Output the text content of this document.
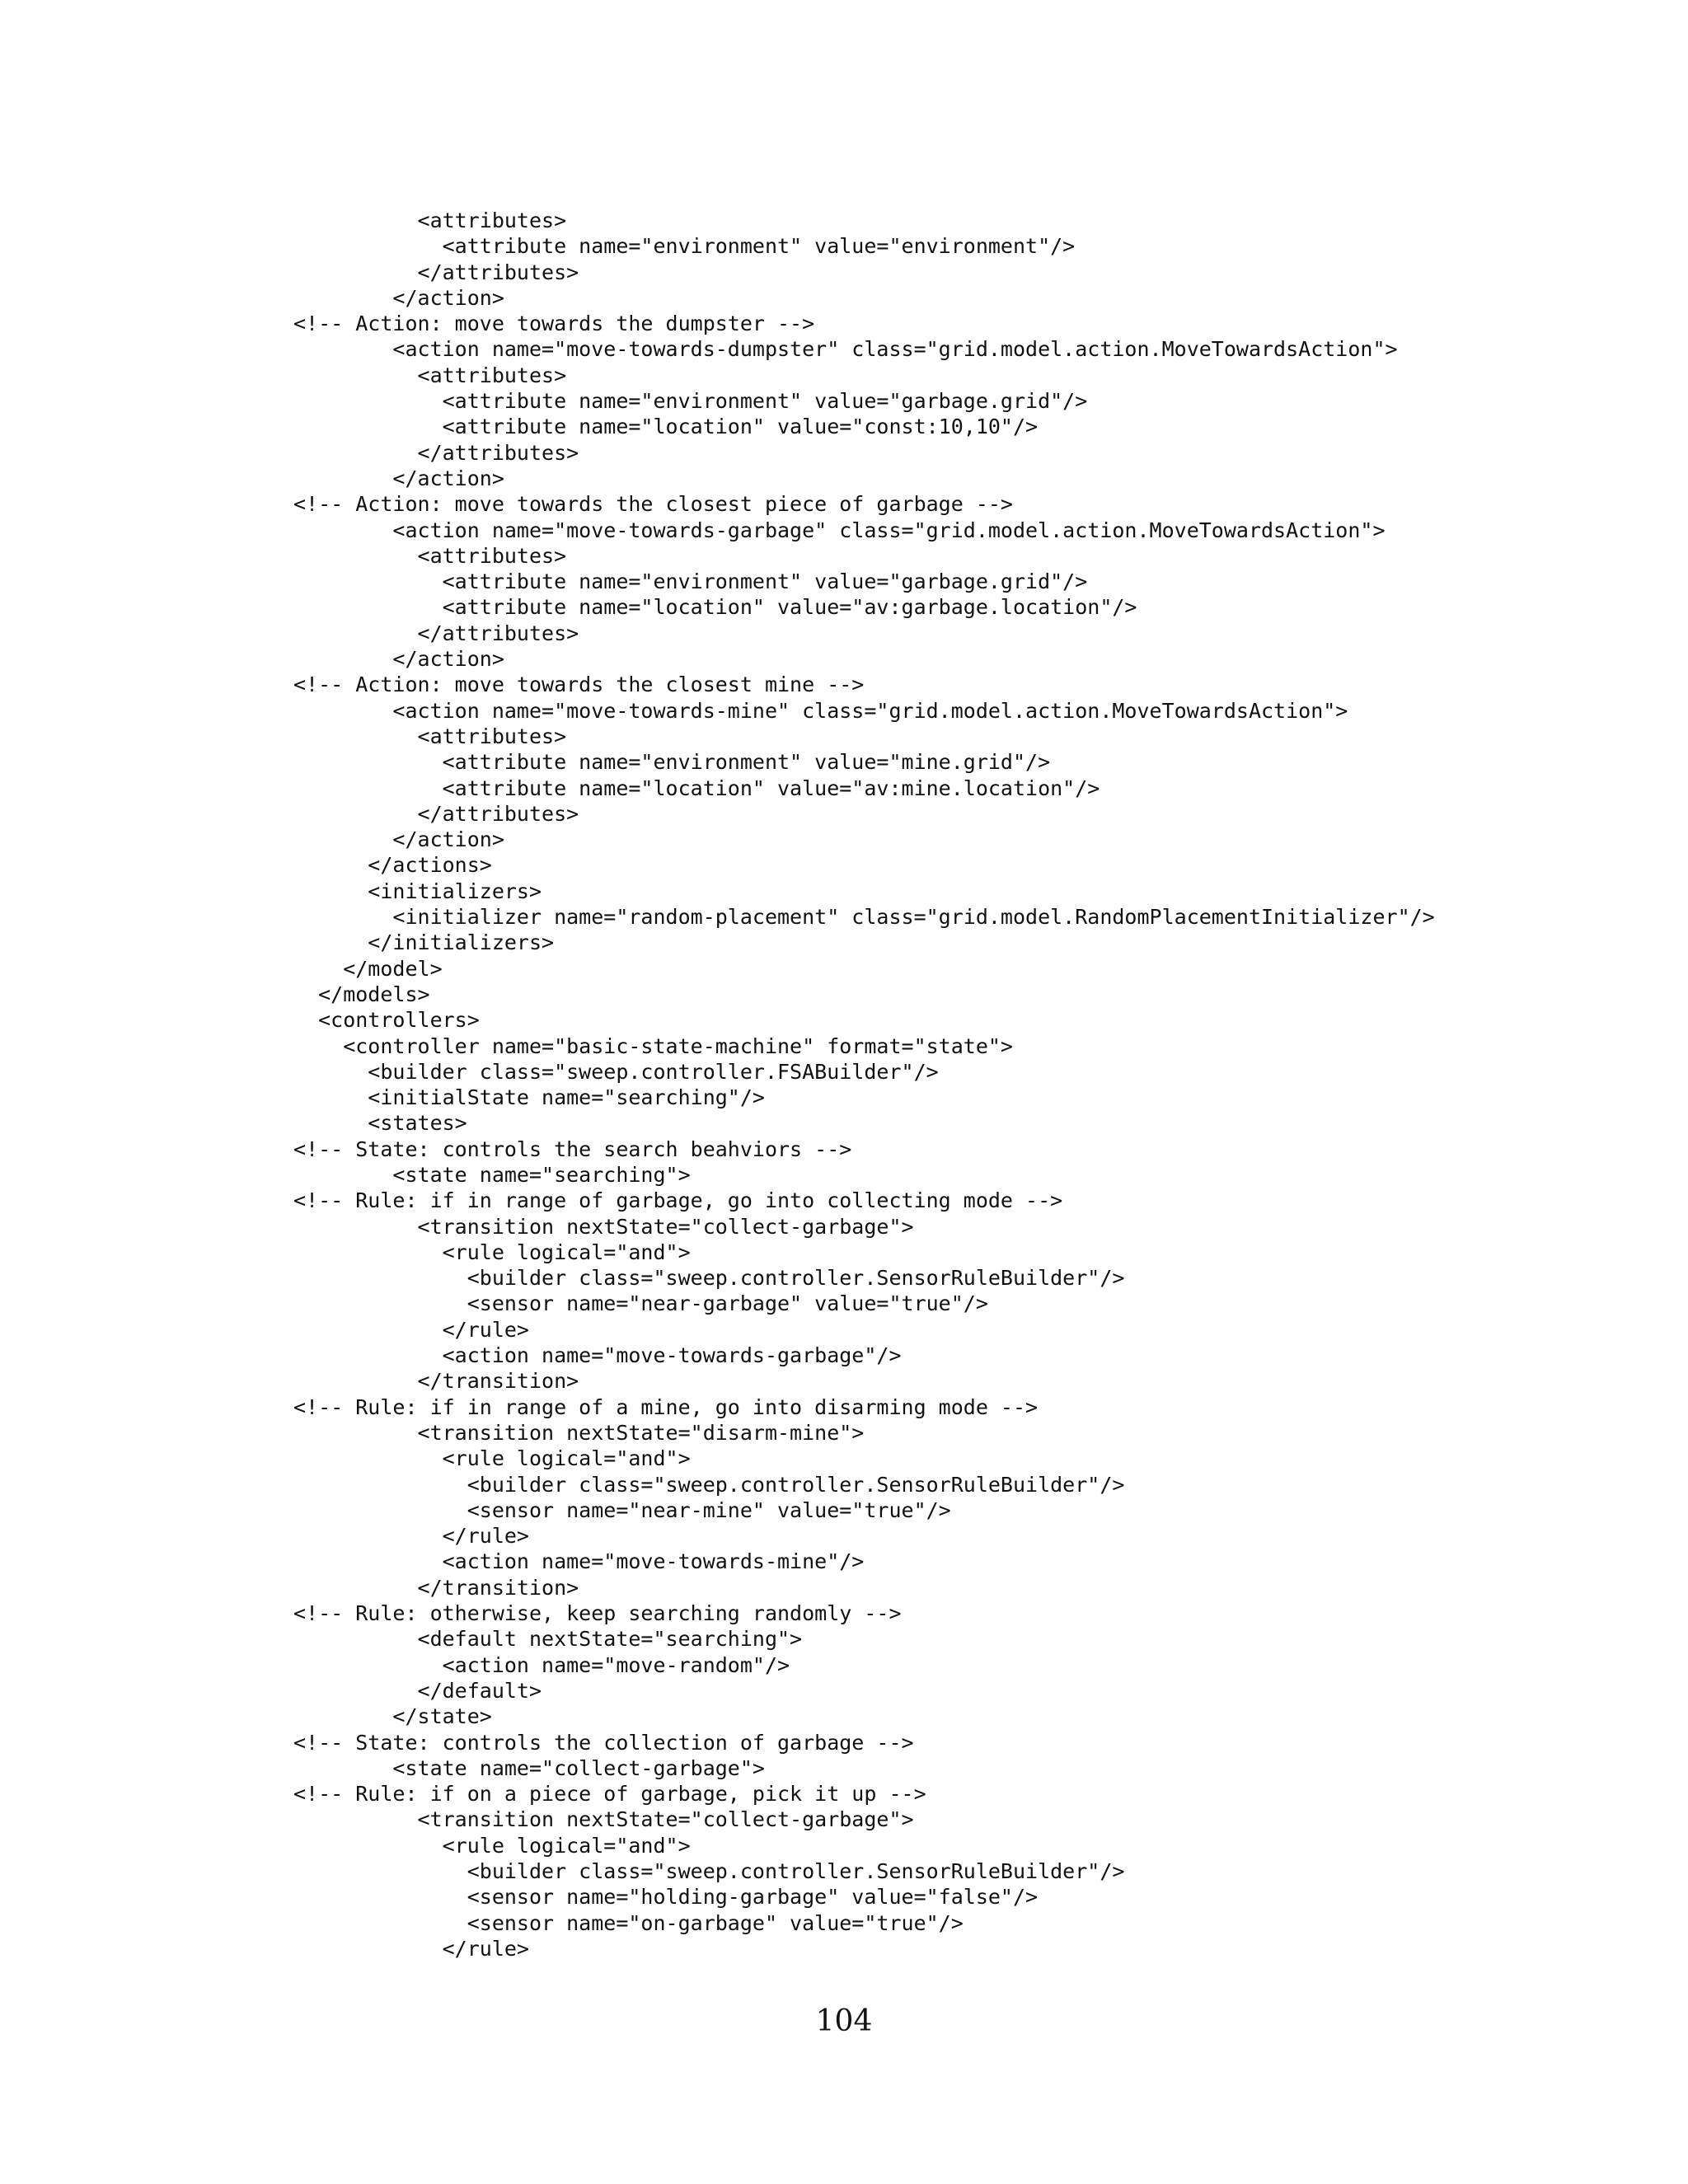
<attributes>
<attribute name="environment" value="environment"/>
</attributes>
</action>
<!-- Action: move towards the dumpster -->
<action name="move-towards-dumpster" class="grid.model.action.MoveTowardsAction">
<attributes>
<attribute name="environment" value="garbage.grid"/>
<attribute name="location" value="const:10,10"/>
</attributes>
</action>
<!-- Action: move towards the closest piece of garbage -->
<action name="move-towards-garbage" class="grid.model.action.MoveTowardsAction">
<attributes>
<attribute name="environment" value="garbage.grid"/>
<attribute name="location" value="av:garbage.location"/>
</attributes>
</action>
<!-- Action: move towards the closest mine -->
<action name="move-towards-mine" class="grid.model.action.MoveTowardsAction">
<attributes>
<attribute name="environment" value="mine.grid"/>
<attribute name="location" value="av:mine.location"/>
</attributes>
</action>
</actions>
<initializers>
<initializer name="random-placement" class="grid.model.RandomPlacementInitializer"/>
</initializers>
</model>
</models>
<controllers>
<controller name="basic-state-machine" format="state">
<builder class="sweep.controller.FSABuilder"/>
<initialState name="searching"/>
<states>
<!-- State: controls the search beahviors -->
<state name="searching">
<!-- Rule: if in range of garbage, go into collecting mode -->
<transition nextState="collect-garbage">
<rule logical="and">
<builder class="sweep.controller.SensorRuleBuilder"/>
<sensor name="near-garbage" value="true"/>
</rule>
<action name="move-towards-garbage"/>
</transition>
<!-- Rule: if in range of a mine, go into disarming mode -->
<transition nextState="disarm-mine">
<rule logical="and">
<builder class="sweep.controller.SensorRuleBuilder"/>
<sensor name="near-mine" value="true"/>
</rule>
<action name="move-towards-mine"/>
</transition>
<!-- Rule: otherwise, keep searching randomly -->
<default nextState="searching">
<action name="move-random"/>
</default>
</state>
<!-- State: controls the collection of garbage -->
<state name="collect-garbage">
<!-- Rule: if on a piece of garbage, pick it up -->
<transition nextState="collect-garbage">
<rule logical="and">
<builder class="sweep.controller.SensorRuleBuilder"/>
<sensor name="holding-garbage" value="false"/>
<sensor name="on-garbage" value="true"/>
</rule>
104
